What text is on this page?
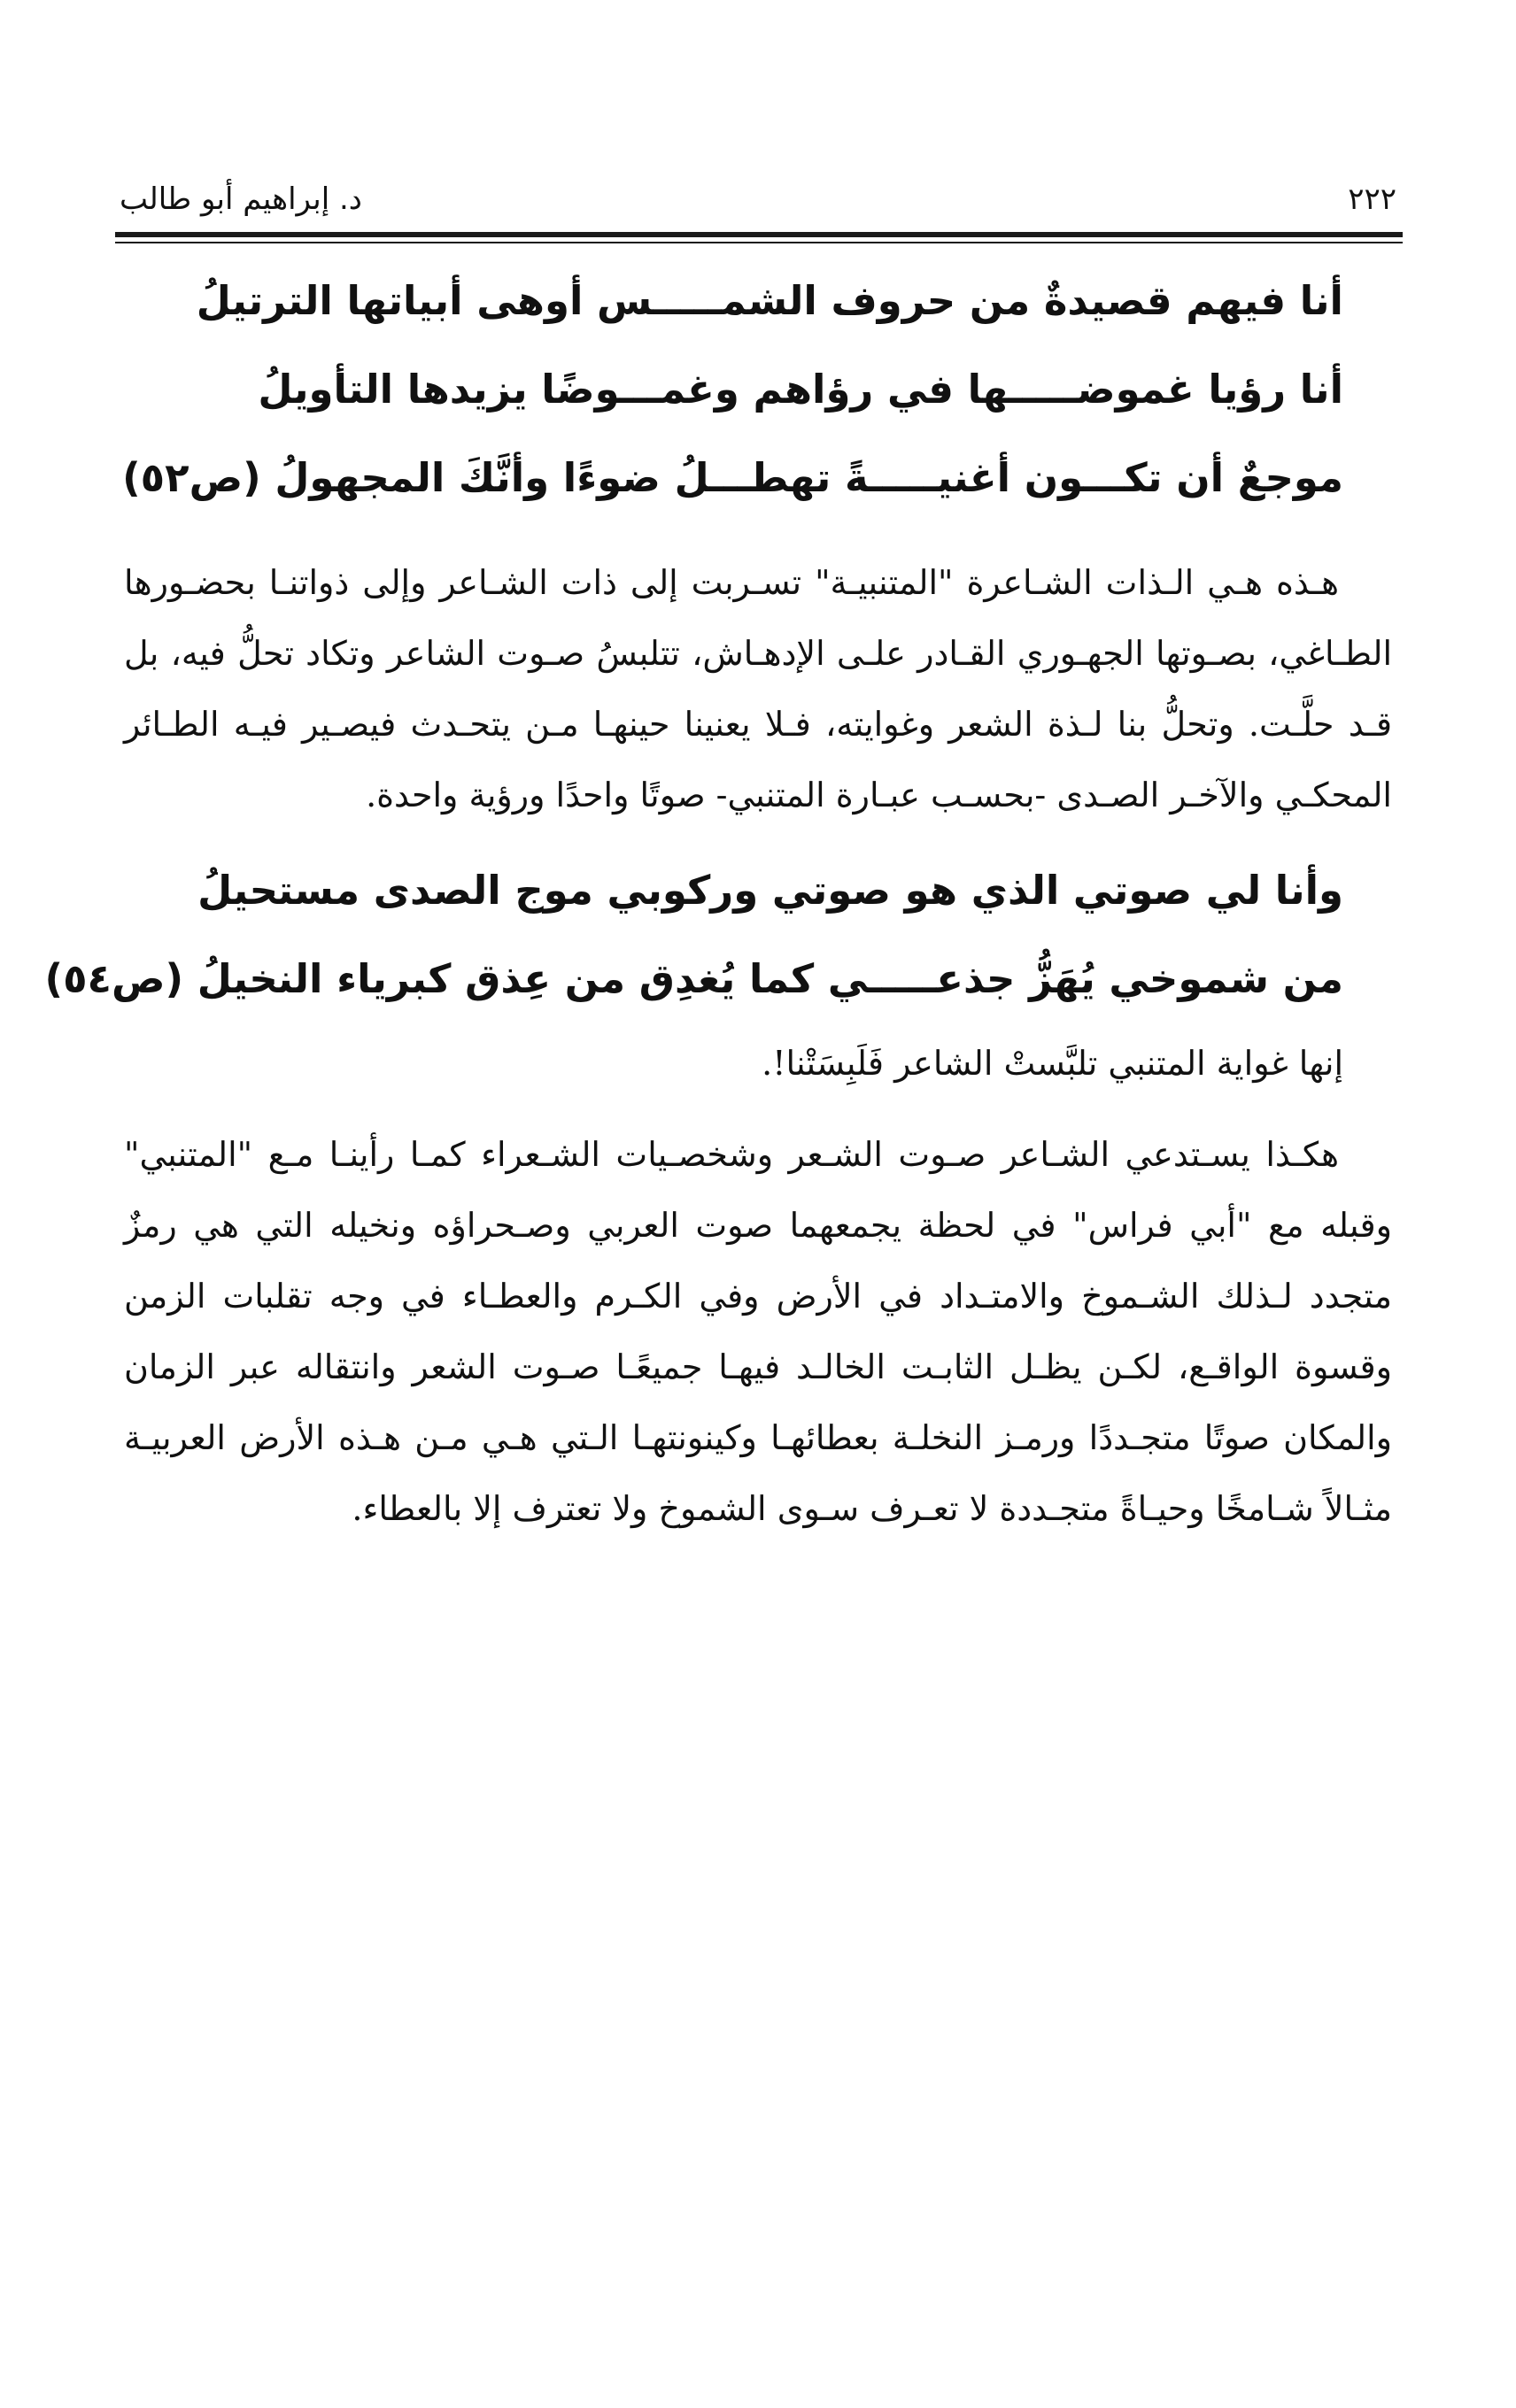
٢٢٢
د. إبراهيم أبو طالب
أنا فيهم قصيدةٌ من حروف الشمـــــس أوهى أبياتها الترتيلُ
أنا رؤيا غموضـــــها في رؤاهم وغمـــوضًا يزيدها التأويلُ
موجعٌ أن تكـــون أغنيـــــةً تهطـــلُ ضوءًا وأنَّكَ المجهولُ (ص٥٢)

هـذه هـي الـذات الشـاعرة "المتنبيـة" تسـربت إلى ذات الشـاعر وإلى ذواتنـا بحضـورها الطـاغي، بصـوتها الجهـوري القـادر علـى الإدهـاش، تتلبسُ صـوت الشاعر وتكاد تحلُّ فيه، بل قـد حلَّـت. وتحلُّ بنا لـذة الشعر وغوايته، فـلا يعنينا حينهـا مـن يتحـدث فيصـير فيـه الطـائر المحكـي والآخـر الصـدى -بحسـب عبـارة المتنبي- صوتًا واحدًا ورؤية واحدة.

وأنا لي صوتي الذي هو صوتي وركوبي موج الصدى مستحيلُ
من شموخي يُهَزُّ جذعـــــي كما يُغدِق من عِذق كبرياء النخيلُ (ص٥٤)
إنها غواية المتنبي تلبَّستْ الشاعر فَلَبِسَتْنا!.

هكـذا يسـتدعي الشـاعر صـوت الشـعر وشخصـيات الشـعراء كمـا رأينـا مـع "المتنبي" وقبله مع "أبي فراس" في لحظة يجمعهما صوت العربي وصـحراؤه ونخيله التي هي رمزٌ متجدد لـذلك الشـموخ والامتـداد في الأرض وفي الكـرم والعطـاء في وجه تقلبات الزمن وقسوة الواقـع، لكـن يظـل الثابـت الخالـد فيهـا جميعًـا صـوت الشعر وانتقاله عبر الزمان والمكان صوتًا متجـددًا ورمـز النخلـة بعطائهـا وكينونتهـا الـتي هـي مـن هـذه الأرض العربيـة مثـالاً شـامخًا وحيـاةً متجـددة لا تعـرف سـوى الشموخ ولا تعترف إلا بالعطاء.
